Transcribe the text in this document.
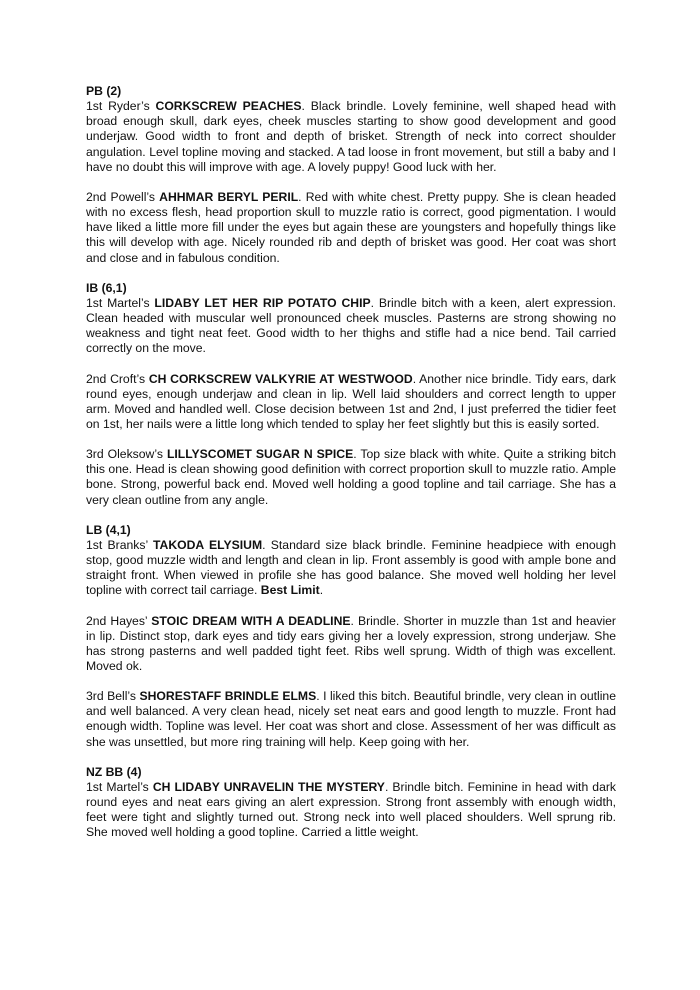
PB (2)

1st Ryder’s CORKSCREW PEACHES. Black brindle. Lovely feminine, well shaped head with broad enough skull, dark eyes, cheek muscles starting to show good development and good underjaw. Good width to front and depth of brisket. Strength of neck into correct shoulder angulation. Level topline moving and stacked. A tad loose in front movement, but still a baby and I have no doubt this will improve with age. A lovely puppy! Good luck with her.

2nd Powell’s AHHMAR BERYL PERIL. Red with white chest. Pretty puppy. She is clean headed with no excess flesh, head proportion skull to muzzle ratio is correct, good pigmentation. I would have liked a little more fill under the eyes but again these are youngsters and hopefully things like this will develop with age. Nicely rounded rib and depth of brisket was good. Her coat was short and close and in fabulous condition.

IB (6,1)

1st Martel’s LIDABY LET HER RIP POTATO CHIP. Brindle bitch with a keen, alert expression. Clean headed with muscular well pronounced cheek muscles. Pasterns are strong showing no weakness and tight neat feet. Good width to her thighs and stifle had a nice bend. Tail carried correctly on the move.

2nd Croft’s CH CORKSCREW VALKYRIE AT WESTWOOD. Another nice brindle. Tidy ears, dark round eyes, enough underjaw and clean in lip. Well laid shoulders and correct length to upper arm. Moved and handled well. Close decision between 1st and 2nd, I just preferred the tidier feet on 1st, her nails were a little long which tended to splay her feet slightly but this is easily sorted.

3rd Oleksow’s LILLYSCOMET SUGAR N SPICE. Top size black with white. Quite a striking bitch this one. Head is clean showing good definition with correct proportion skull to muzzle ratio. Ample bone. Strong, powerful back end. Moved well holding a good topline and tail carriage. She has a very clean outline from any angle.

LB (4,1)

1st Branks’ TAKODA ELYSIUM. Standard size black brindle. Feminine headpiece with enough stop, good muzzle width and length and clean in lip. Front assembly is good with ample bone and straight front. When viewed in profile she has good balance. She moved well holding her level topline with correct tail carriage. Best Limit.

2nd Hayes’ STOIC DREAM WITH A DEADLINE. Brindle. Shorter in muzzle than 1st and heavier in lip. Distinct stop, dark eyes and tidy ears giving her a lovely expression, strong underjaw. She has strong pasterns and well padded tight feet. Ribs well sprung. Width of thigh was excellent. Moved ok.

3rd Bell’s SHORESTAFF BRINDLE ELMS. I liked this bitch. Beautiful brindle, very clean in outline and well balanced. A very clean head, nicely set neat ears and good length to muzzle. Front had enough width. Topline was level. Her coat was short and close. Assessment of her was difficult as she was unsettled, but more ring training will help. Keep going with her.

NZ BB (4)

1st Martel’s CH LIDABY UNRAVELIN THE MYSTERY. Brindle bitch. Feminine in head with dark round eyes and neat ears giving an alert expression. Strong front assembly with enough width, feet were tight and slightly turned out. Strong neck into well placed shoulders. Well sprung rib. She moved well holding a good topline. Carried a little weight.
